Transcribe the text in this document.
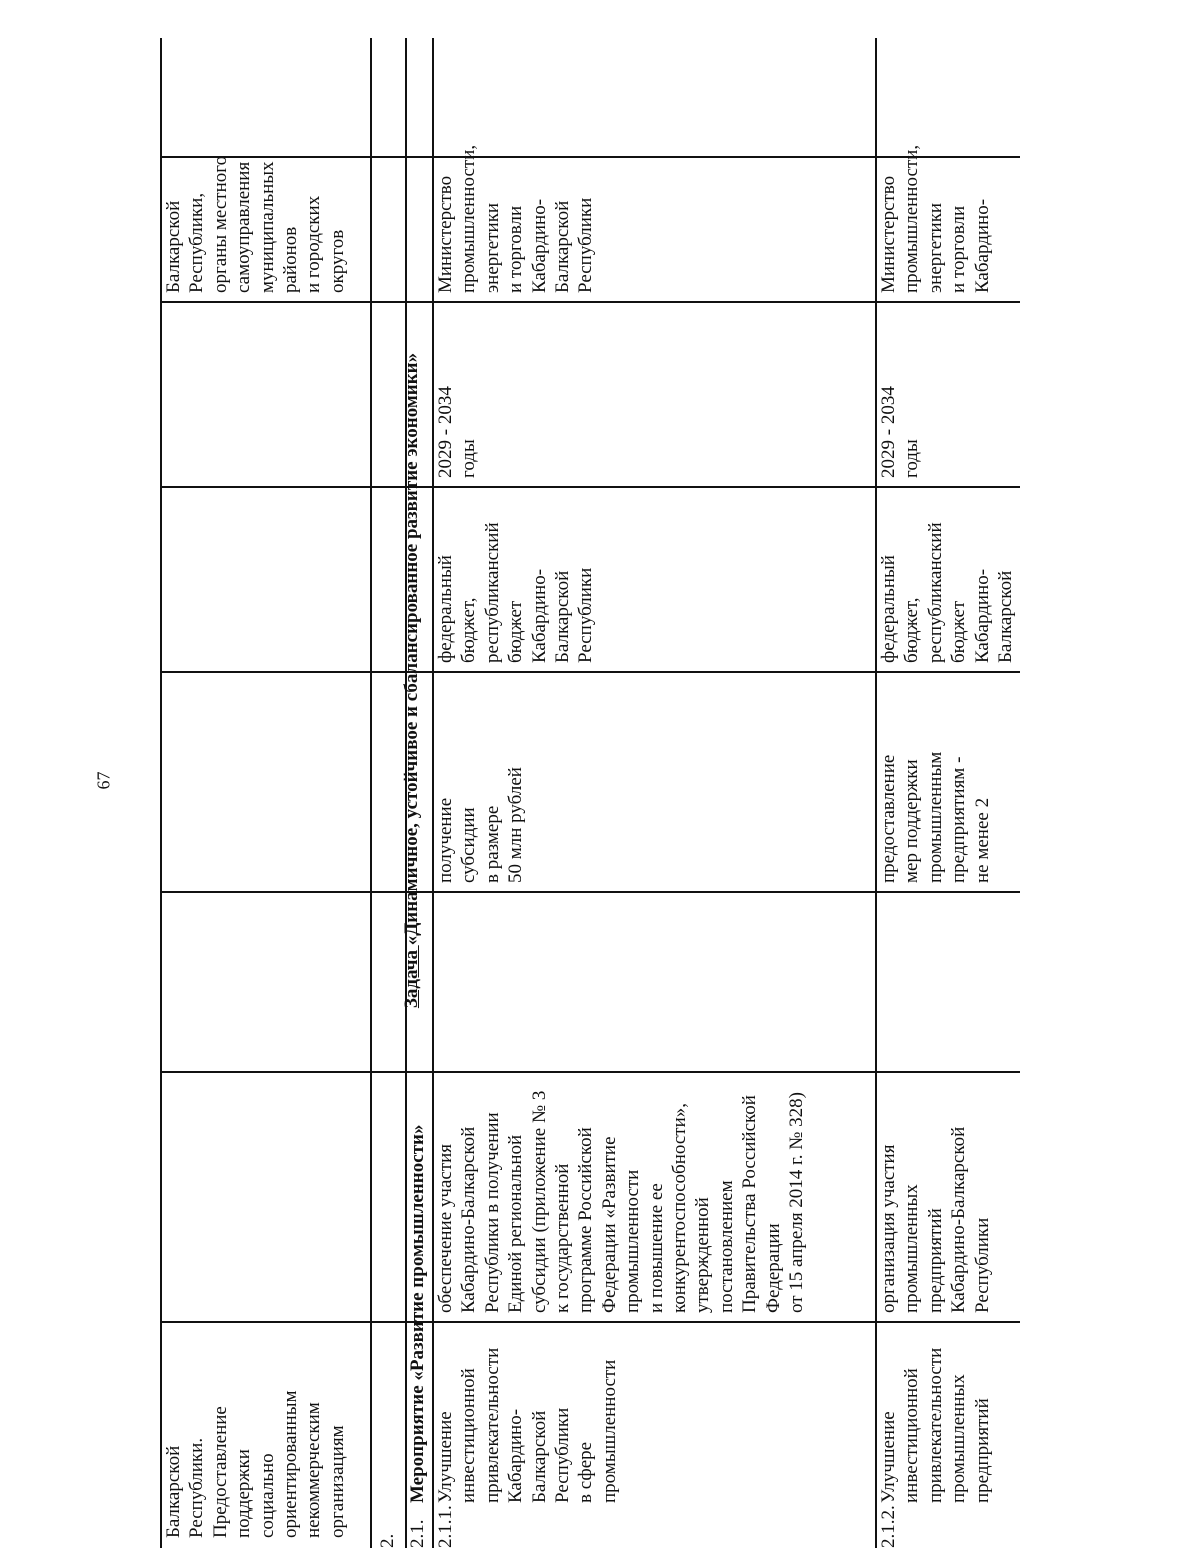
67
Балкарской
Республики.
Предоставление
поддержки
социально
ориентированным
некоммерческим
организациям
Балкарской
Республики,
органы местного
самоуправления
муниципальных
районов
и городских
округов
2.

Задача «Динамичное, устойчивое и сбалансированное развитие экономики»

2.1.
Мероприятие «Развитие промышленности»
2.1.1.
Улучшение
инвестиционной
привлекательности
Кабардино-
Балкарской
Республики
в сфере
промышленности
обеспечение участия
Кабардино-Балкарской
Республики в получении
Единой региональной
субсидии (приложение № 3
к государственной
программе Российской
Федерации «Развитие
промышленности
и повышение ее
конкурентоспособности»,
утвержденной
постановлением
Правительства Российской
Федерации
от 15 апреля 2014 г. № 328)
получение
субсидии
в размере
50 млн рублей
федеральный бюджет,
республиканский
бюджет
Кабардино-
Балкарской
Республики
2029 - 2034
годы
Министерство
промышленности,
энергетики
и торговли
Кабардино-
Балкарской
Республики
2.1.2.
Улучшение
инвестиционной
привлекательности
промышленных
предприятий
организация участия
промышленных
предприятий
Кабардино-Балкарской
Республики
предоставление
мер поддержки
промышленным
предприятиям -
не менее 2
федеральный бюджет,
республиканский
бюджет
Кабардино-
Балкарской
2029 - 2034
годы
Министерство
промышленности,
энергетики
и торговли
Кабардино-
